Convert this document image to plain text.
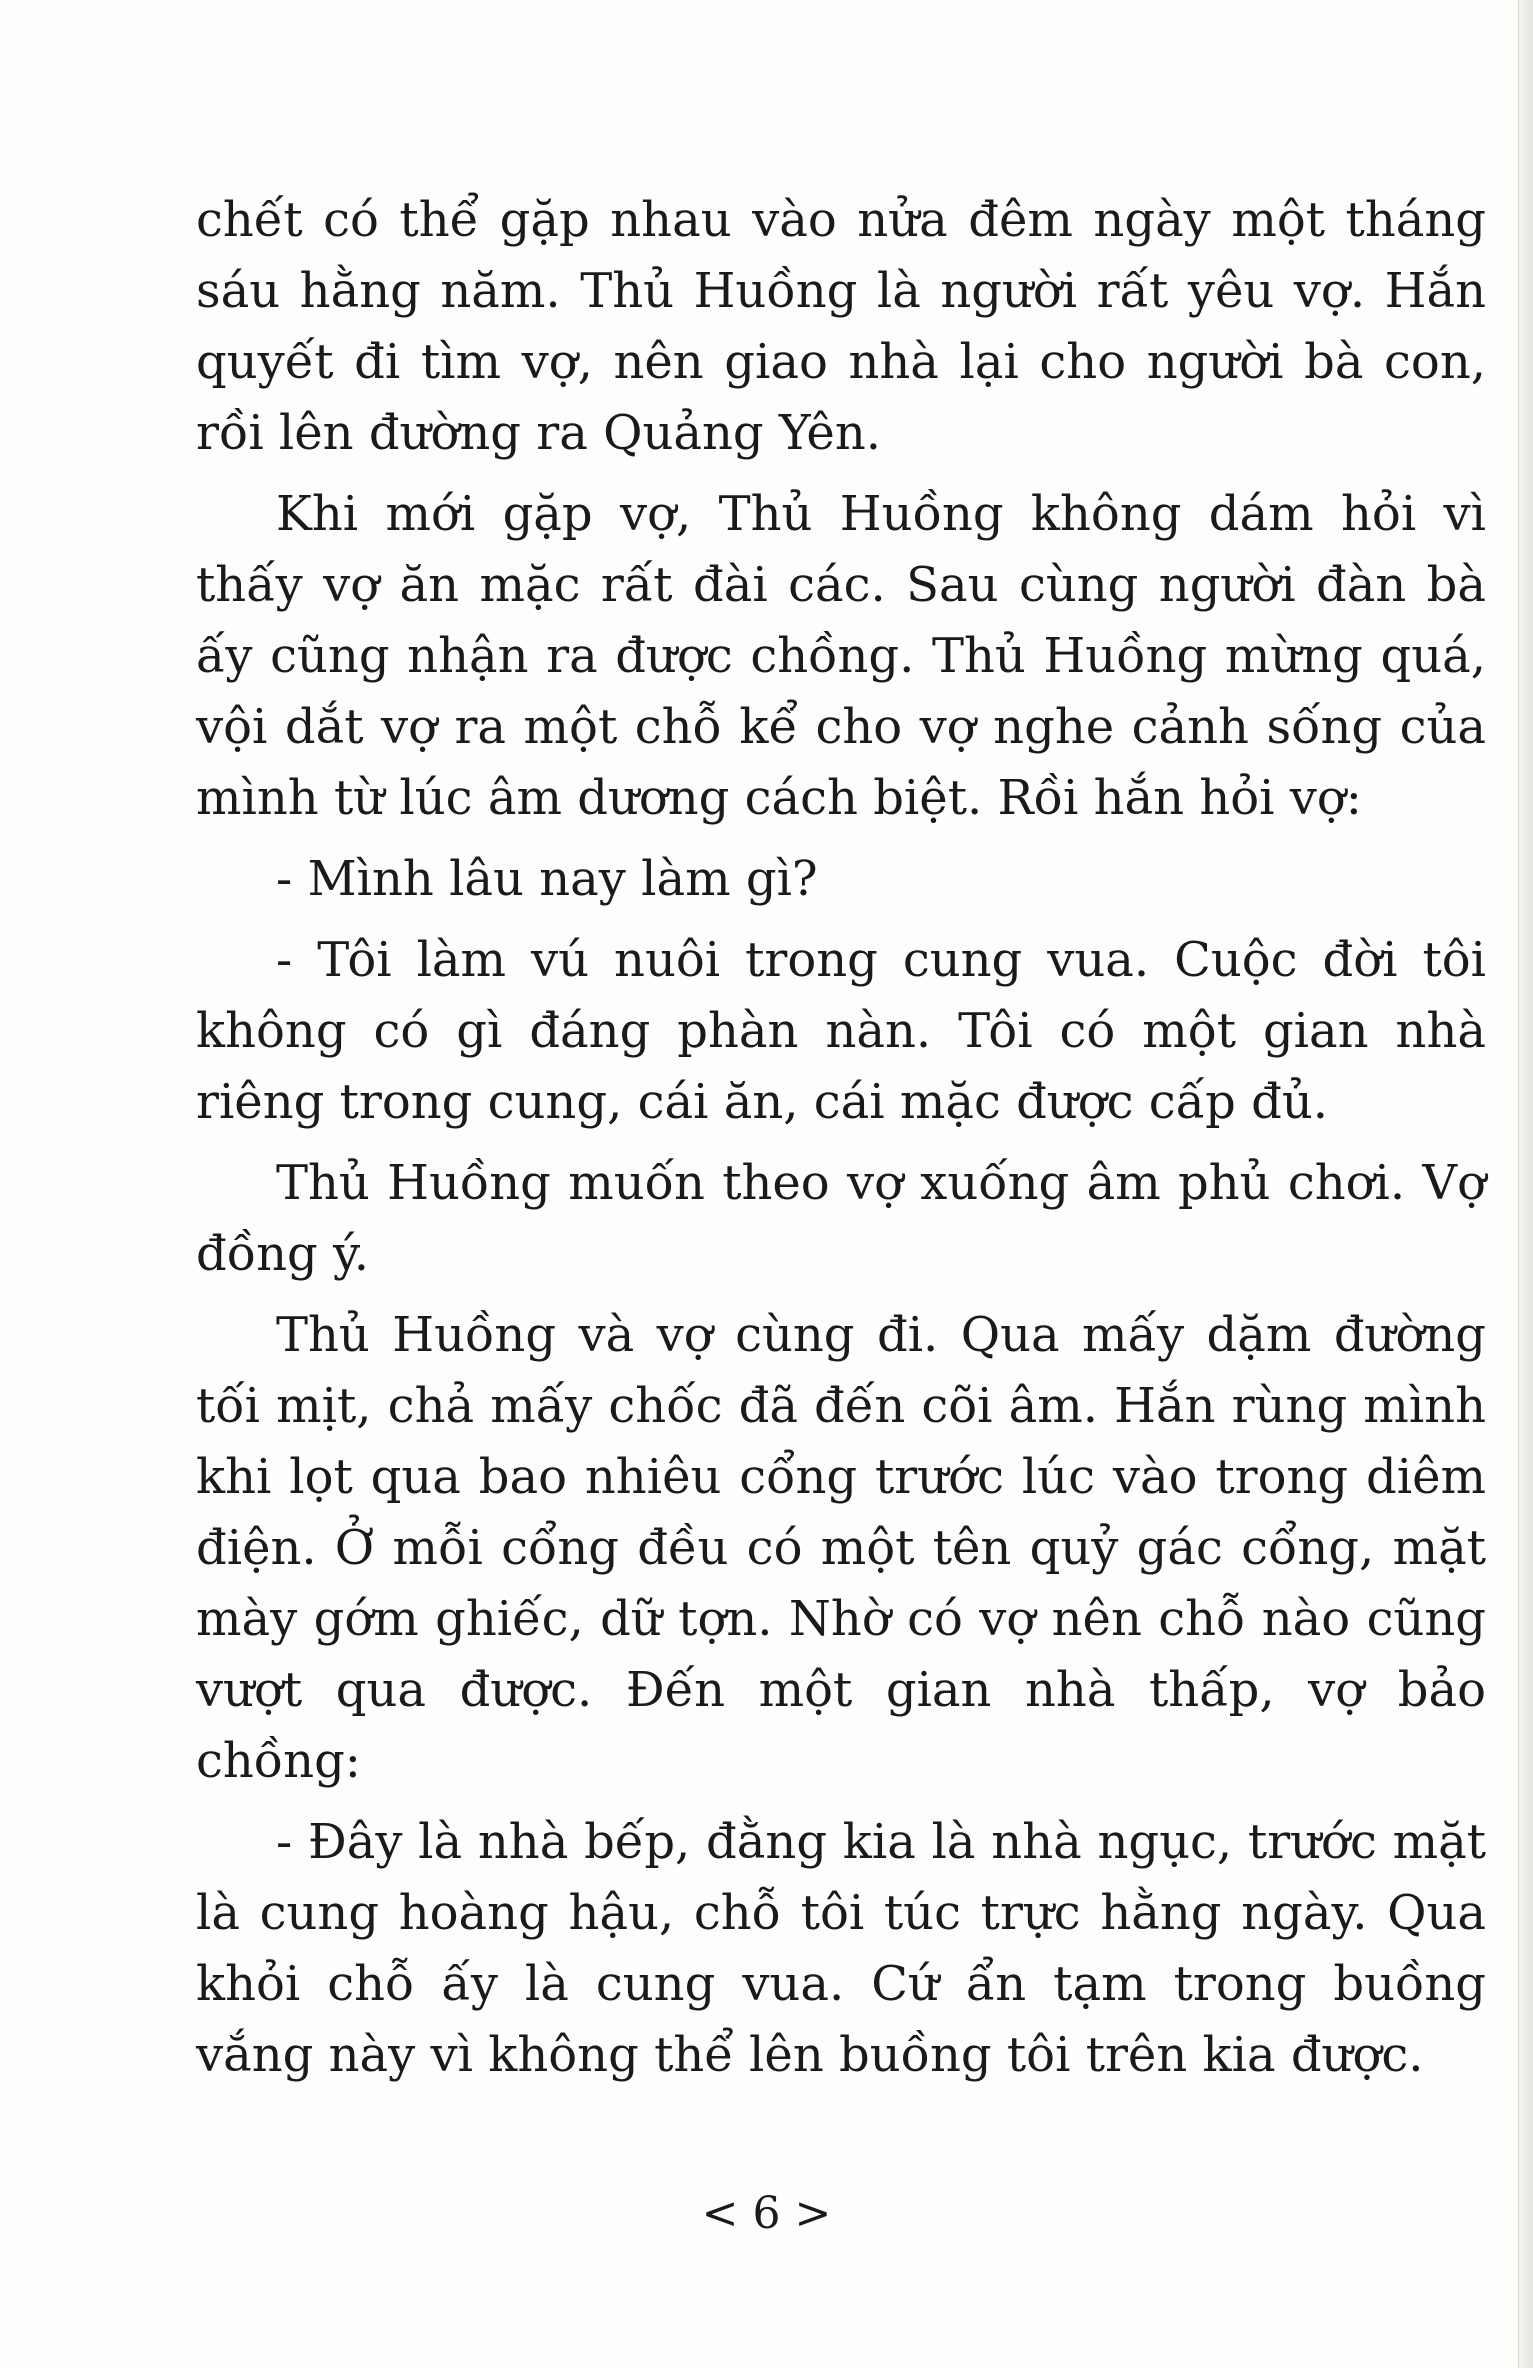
chết có thể gặp nhau vào nửa đêm ngày một tháng sáu hằng năm. Thủ Huồng là người rất yêu vợ. Hắn quyết đi tìm vợ, nên giao nhà lại cho người bà con, rồi lên đường ra Quảng Yên.

Khi mới gặp vợ, Thủ Huồng không dám hỏi vì thấy vợ ăn mặc rất đài các. Sau cùng người đàn bà ấy cũng nhận ra được chồng. Thủ Huồng mừng quá, vội dắt vợ ra một chỗ kể cho vợ nghe cảnh sống của mình từ lúc âm dương cách biệt. Rồi hắn hỏi vợ:

- Mình lâu nay làm gì?

- Tôi làm vú nuôi trong cung vua. Cuộc đời tôi không có gì đáng phàn nàn. Tôi có một gian nhà riêng trong cung, cái ăn, cái mặc được cấp đủ.

Thủ Huồng muốn theo vợ xuống âm phủ chơi. Vợ đồng ý.

Thủ Huồng và vợ cùng đi. Qua mấy dặm đường tối mịt, chả mấy chốc đã đến cõi âm. Hắn rùng mình khi lọt qua bao nhiêu cổng trước lúc vào trong diêm điện. Ở mỗi cổng đều có một tên quỷ gác cổng, mặt mày gớm ghiếc, dữ tợn. Nhờ có vợ nên chỗ nào cũng vượt qua được. Đến một gian nhà thấp, vợ bảo chồng:

- Đây là nhà bếp, đằng kia là nhà ngục, trước mặt là cung hoàng hậu, chỗ tôi túc trực hằng ngày. Qua khỏi chỗ ấy là cung vua. Cứ ẩn tạm trong buồng vắng này vì không thể lên buồng tôi trên kia được.

< 6 >
